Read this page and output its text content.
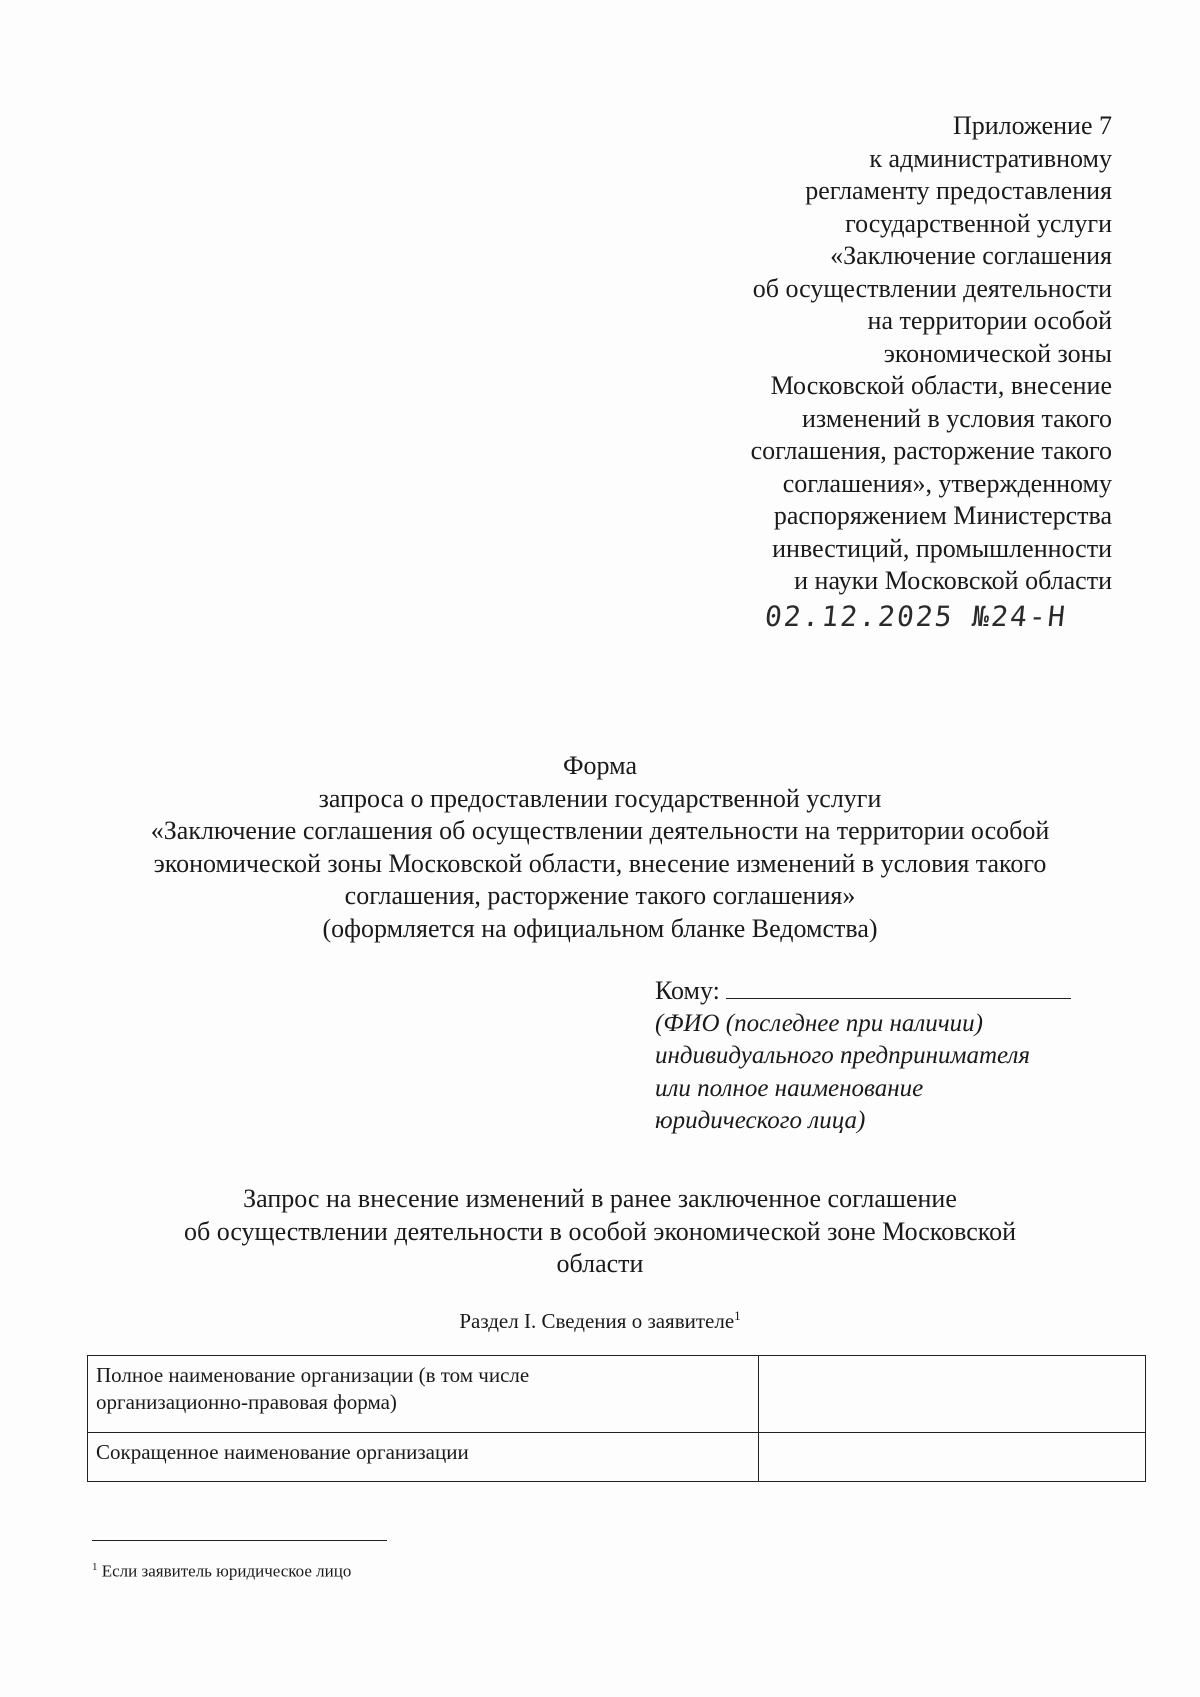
Приложение 7
к административному
регламенту предоставления
государственной услуги
«Заключение соглашения
об осуществлении деятельности
на территории особой
экономической зоны
Московской области, внесение
изменений в условия такого
соглашения, расторжение такого
соглашения», утвержденному
распоряжением Министерства
инвестиций, промышленности
и науки Московской области
02.12.2025 №24-Н
Форма
запроса о предоставлении государственной услуги
«Заключение соглашения об осуществлении деятельности на территории особой
экономической зоны Московской области, внесение изменений в условия такого
соглашения, расторжение такого соглашения»
(оформляется на официальном бланке Ведомства)
Кому:
(ФИО (последнее при наличии)
индивидуального предпринимателя
или полное наименование
юридического лица)
Запрос на внесение изменений в ранее заключенное соглашение
об осуществлении деятельности в особой экономической зоне Московской
области
Раздел I. Сведения о заявителе$^1$
Полное наименование организации (в том числе
организационно-правовая форма)	

Сокращенное наименование организации	

$^1$ Если заявитель юридическое лицо
